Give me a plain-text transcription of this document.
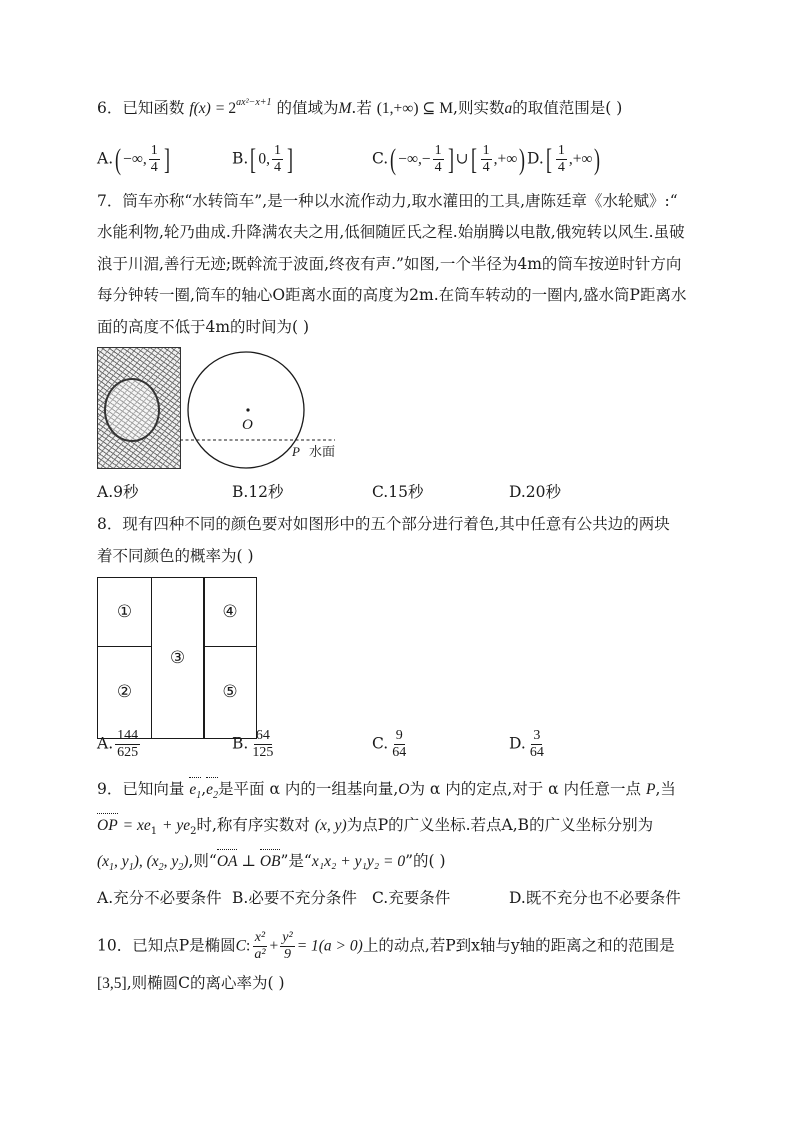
6．已知函数 $f(x) = 2^{ax^2-x+1}$ 的值域为M.若 (1,+∞) ⊆ M,则实数a的取值范围是( )
A.( −∞, $\frac{1}{4}$ ]	B.[ 0, $\frac{1}{4}$ ]	C.( −∞,− $\frac{1}{4}$ ] ∪[ $\frac{1}{4}$ ,+∞) $D.[ \frac{1}{4}$ ,+∞)
7．筒车亦称“水转筒车”,是一种以水流作动力,取水灌田的工具,唐陈廷章《水轮赋》:“
水能利物,轮乃曲成.升降满农夫之用,低徊随匠氏之程.始崩腾以电散,俄宛转以风生.虽破
浪于川湄,善行无迹;既斡流于波面,终夜有声.”如图,一个半径为4m的筒车按逆时针方向
每分钟转一圈,筒车的轴心O距离水面的高度为2m.在筒车转动的一圈内,盛水筒P距离水
面的高度不低于4m的时间为( )
O
P 水面
A.9秒	B.12秒	C.15秒	D.20秒
8．现有四种不同的颜色要对如图形中的五个部分进行着色,其中任意有公共边的两块
着不同颜色的概率为( )
①
②
③
④
⑤
A. $\frac{144}{625}$	B. $\frac{64}{125}$	C. $\frac{9}{64}$	D. $\frac{3}{64}$
9．已知向量 $e_1,e_2$是平面 α 内的一组基向量,O为 α 内的定点,对于 α 内任意一点 P,当
OP = $xe_1 + ye_2$时,称有序实数对 (x, y)为点P的广义坐标.若点A,B的广义坐标分别为
($x_1$, $y_1$), ($x_2$, $y_2$),则“OA ⊥ OB”是“x₁x₂ + y₁y₂ = 0”的( )
A.充分不必要条件 B.必要不充分条件 C.充要条件	D.既不充分也不必要条件
10．已知点P是椭圆C: $\frac{\text{x²}}{\text{a²}} + \frac{\text{y²}}{9} = 1(a > 0)$上的动点,若P到x轴与y轴的距离之和的范围是
[3,5],则椭圆C的离心率为( )
